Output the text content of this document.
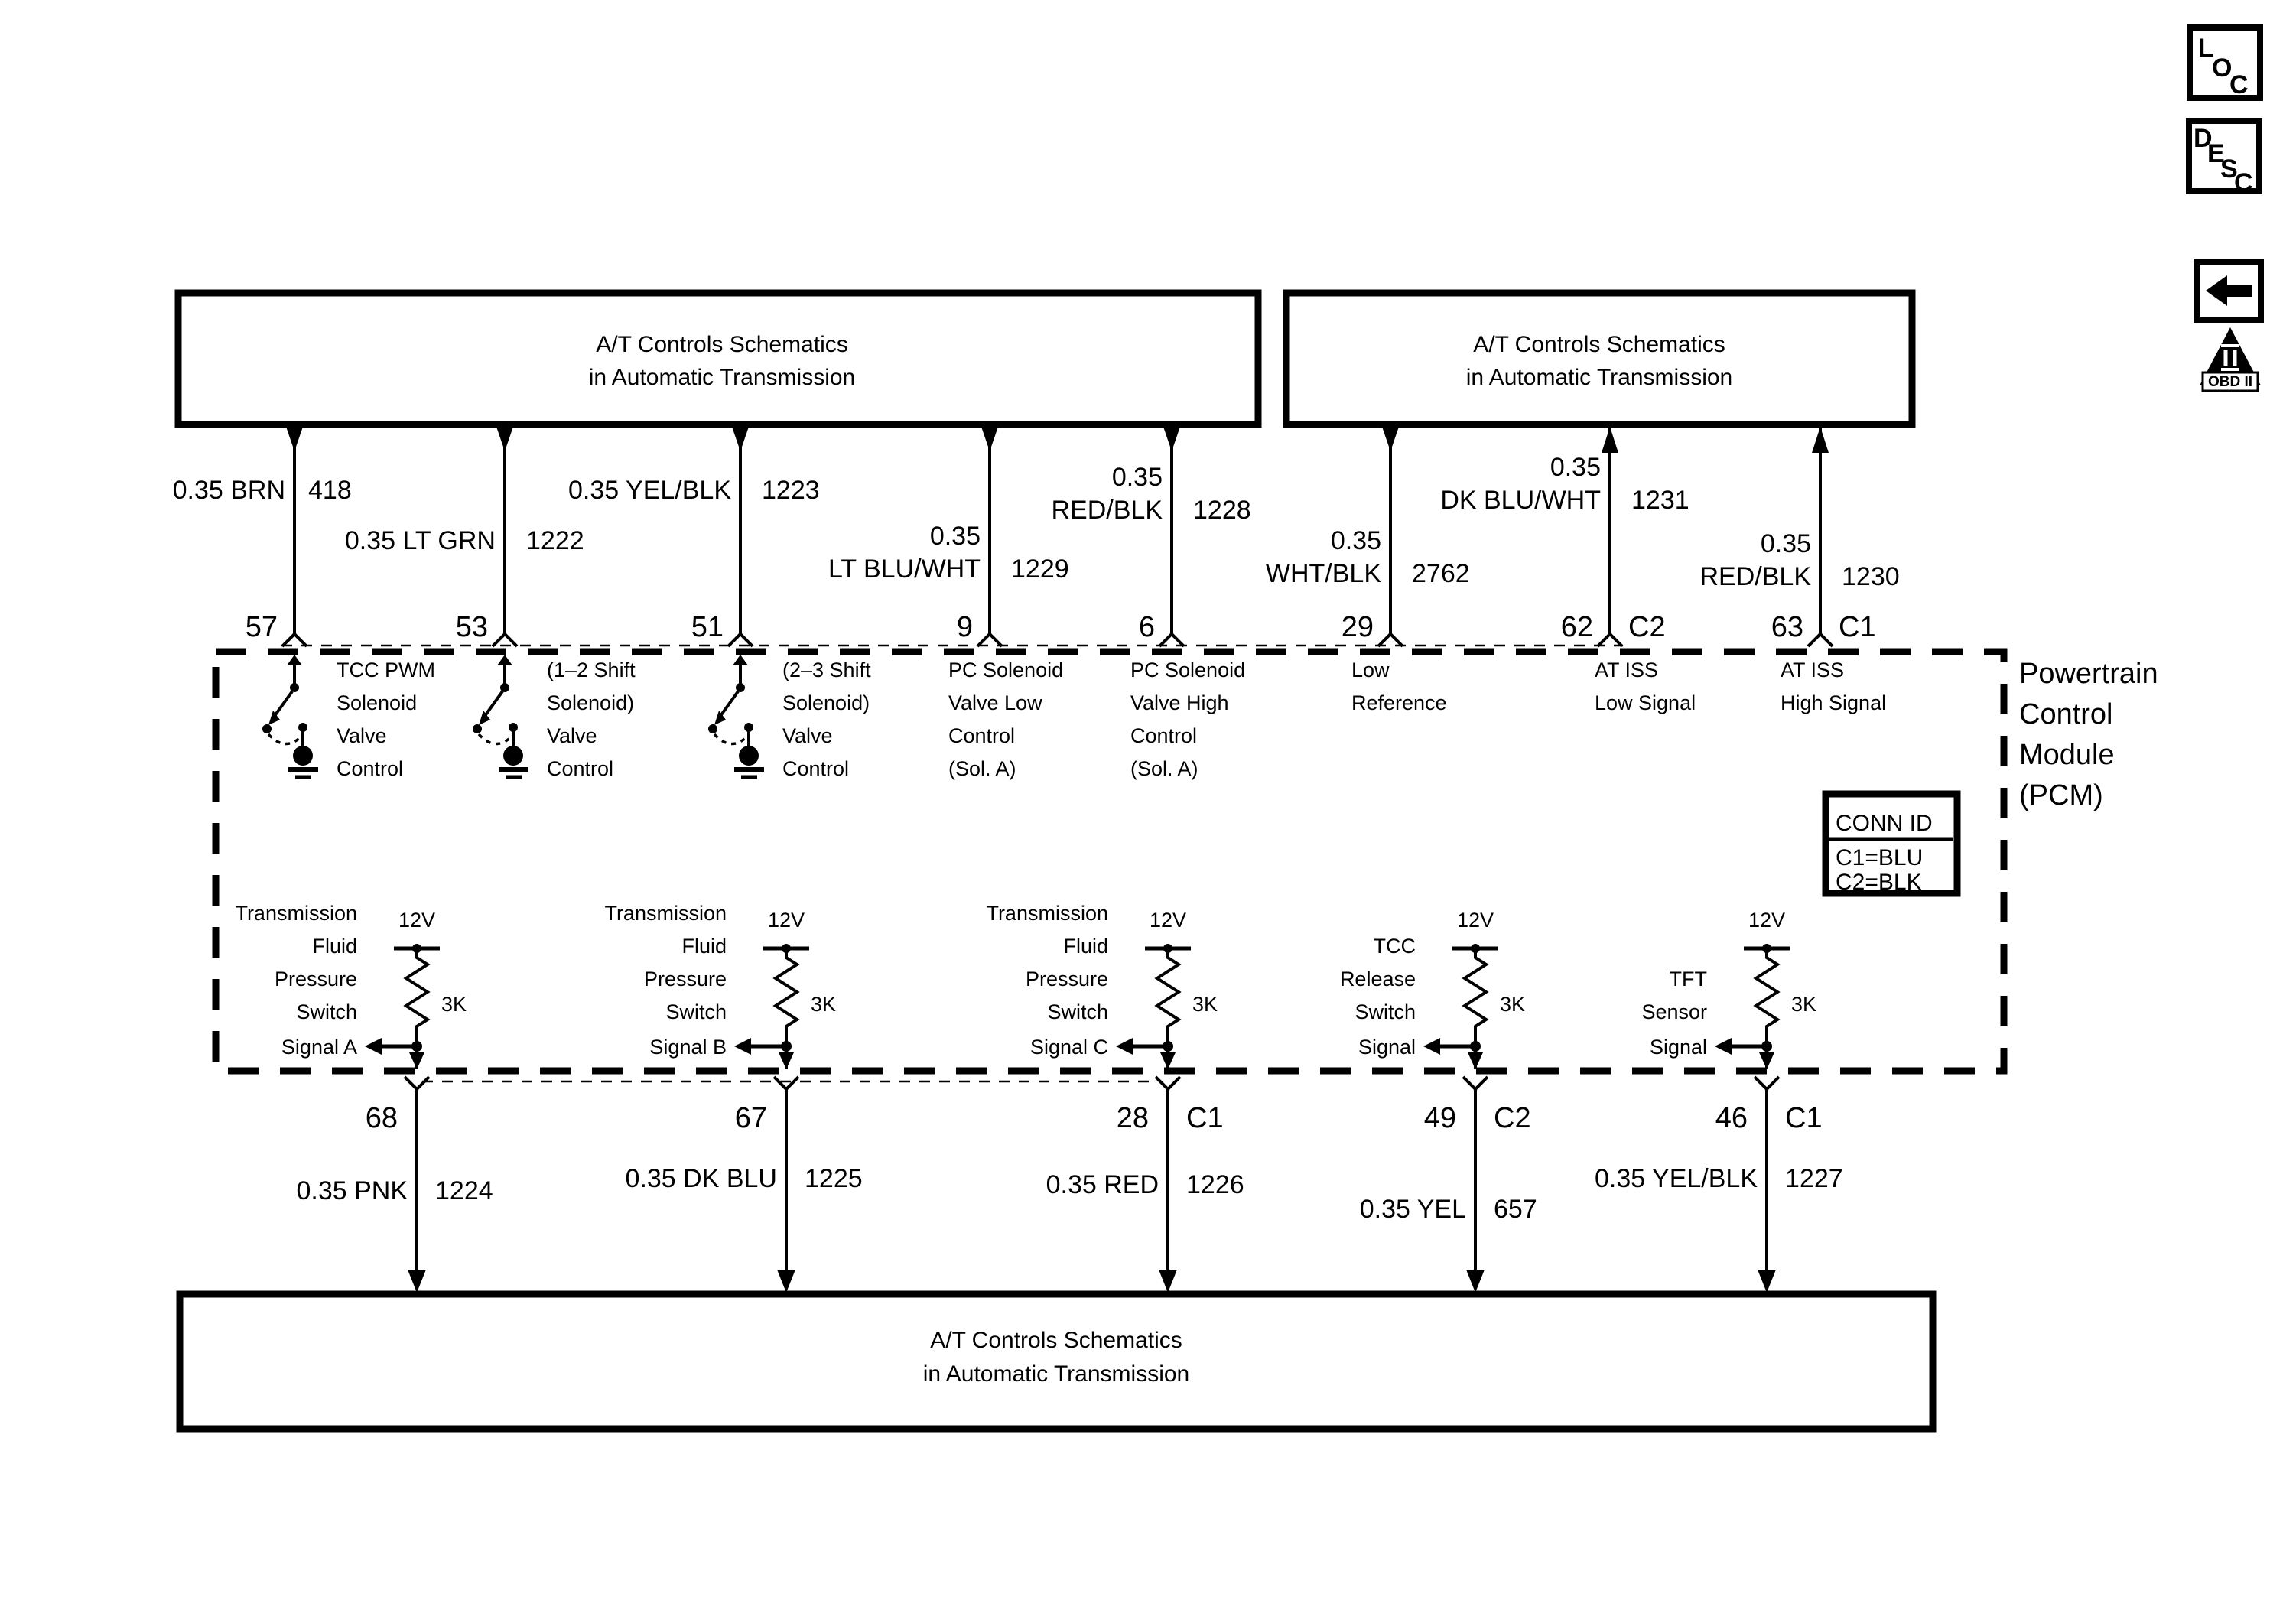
A/T Controls Schematics
in Automatic Transmission
A/T Controls Schematics
in Automatic Transmission
A/T Controls Schematics
in Automatic Transmission
Powertrain
Control
Module
(PCM)
CONN ID
C1=BLU
C2=BLK
0.35 BRN 418
57
0.35 LT GRN 1222
53
0.35 YEL/BLK 1223
51
0.35
LT BLU/WHT 1229
9
0.35
RED/BLK 1228
6
0.35
WHT/BLK 2762
29
0.35
DK BLU/WHT 1231
62 C2
0.35
RED/BLK 1230
63 C1
TCC PWM
Solenoid
Valve
Control
(1–2 Shift
Solenoid)
Valve
Control
(2–3 Shift
Solenoid)
Valve
Control
PC Solenoid
Valve Low
Control
(Sol. A)
PC Solenoid
Valve High
Control
(Sol. A)
Low
Reference
AT ISS
Low Signal
AT ISS
High Signal
12V
3K
Transmission
Fluid
Pressure
Switch
Signal A
68
0.35 PNK 1224
12V
3K
Transmission
Fluid
Pressure
Switch
Signal B
67
0.35 DK BLU 1225
12V
3K
Transmission
Fluid
Pressure
Switch
Signal C
28 C1
0.35 RED 1226
12V
3K
TCC
Release
Switch
Signal
49 C2
0.35 YEL 657
12V
3K
TFT
Sensor
Signal
46 C1
0.35 YEL/BLK 1227
L
O
C
D
E
S
C
OBD II
